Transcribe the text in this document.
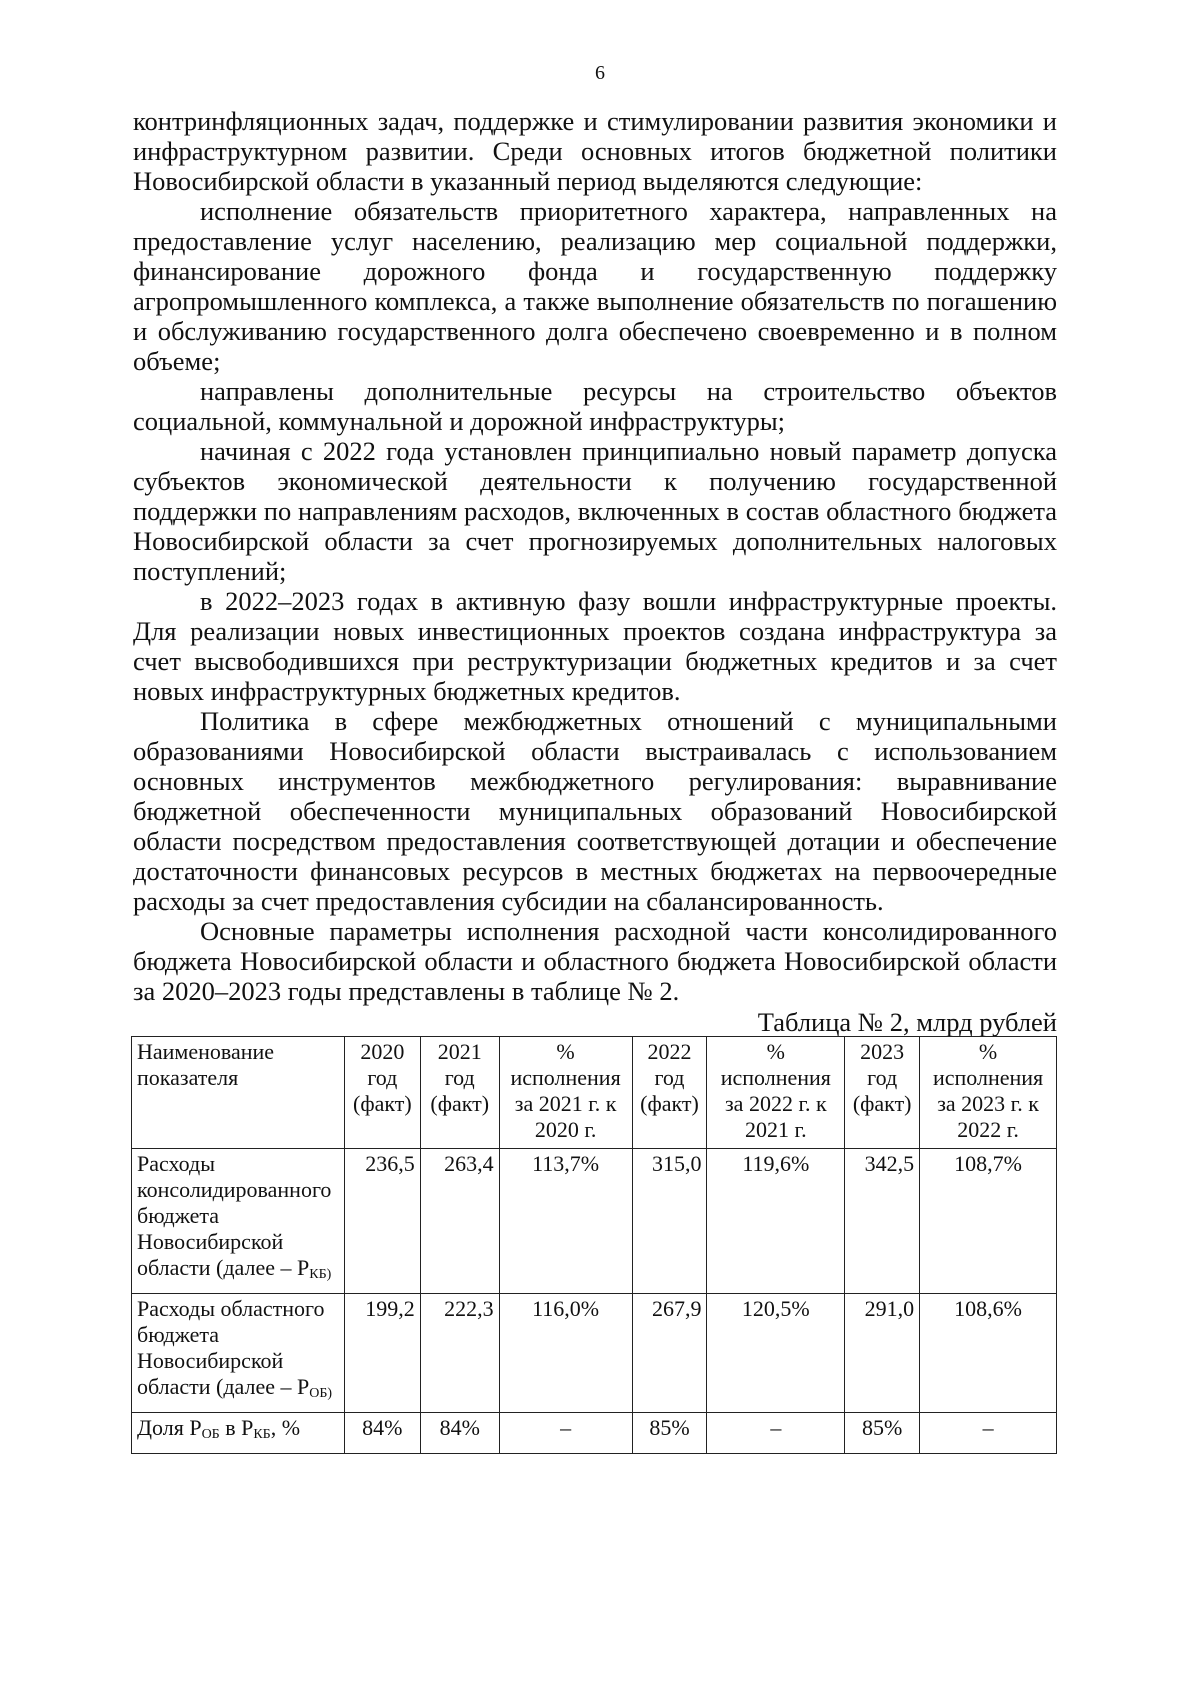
6

контринфляционных задач, поддержке и стимулировании развития экономики и инфраструктурном развитии. Среди основных итогов бюджетной политики Новосибирской области в указанный период выделяются следующие:

исполнение обязательств приоритетного характера, направленных на предоставление услуг населению, реализацию мер социальной поддержки, финансирование дорожного фонда и государственную поддержку агропромышленного комплекса, а также выполнение обязательств по погашению и обслуживанию государственного долга обеспечено своевременно и в полном объеме;

направлены дополнительные ресурсы на строительство объектов социальной, коммунальной и дорожной инфраструктуры;

начиная с 2022 года установлен принципиально новый параметр допуска субъектов экономической деятельности к получению государственной поддержки по направлениям расходов, включенных в состав областного бюджета Новосибирской области за счет прогнозируемых дополнительных налоговых поступлений;

в 2022–2023 годах в активную фазу вошли инфраструктурные проекты. Для реализации новых инвестиционных проектов создана инфраструктура за счет высвободившихся при реструктуризации бюджетных кредитов и за счет новых инфраструктурных бюджетных кредитов.

Политика в сфере межбюджетных отношений с муниципальными образованиями Новосибирской области выстраивалась с использованием основных инструментов межбюджетного регулирования: выравнивание бюджетной обеспеченности муниципальных образований Новосибирской области посредством предоставления соответствующей дотации и обеспечение достаточности финансовых ресурсов в местных бюджетах на первоочередные расходы за счет предоставления субсидии на сбалансированность.

Основные параметры исполнения расходной части консолидированного бюджета Новосибирской области и областного бюджета Новосибирской области за 2020–2023 годы представлены в таблице № 2.

Таблица № 2, млрд рублей
Наименование показателя	2020 год (факт)	2021 год (факт)	% исполнения за 2021 г. к 2020 г.	2022 год (факт)	% исполнения за 2022 г. к 2021 г.	2023 год (факт)	% исполнения за 2023 г. к 2022 г.
Расходы консолидированного бюджета Новосибирской области (далее – $Р_{КБ)}$	236,5	263,4	113,7%	315,0	119,6%	342,5	108,7%
Расходы областного бюджета Новосибирской области (далее – $Р_{ОБ)}$	199,2	222,3	116,0%	267,9	120,5%	291,0	108,6%
Доля $Р_{ОБ}$ в $Р_{КБ}$, %	84%	84%	–	85%	–	85%	–
